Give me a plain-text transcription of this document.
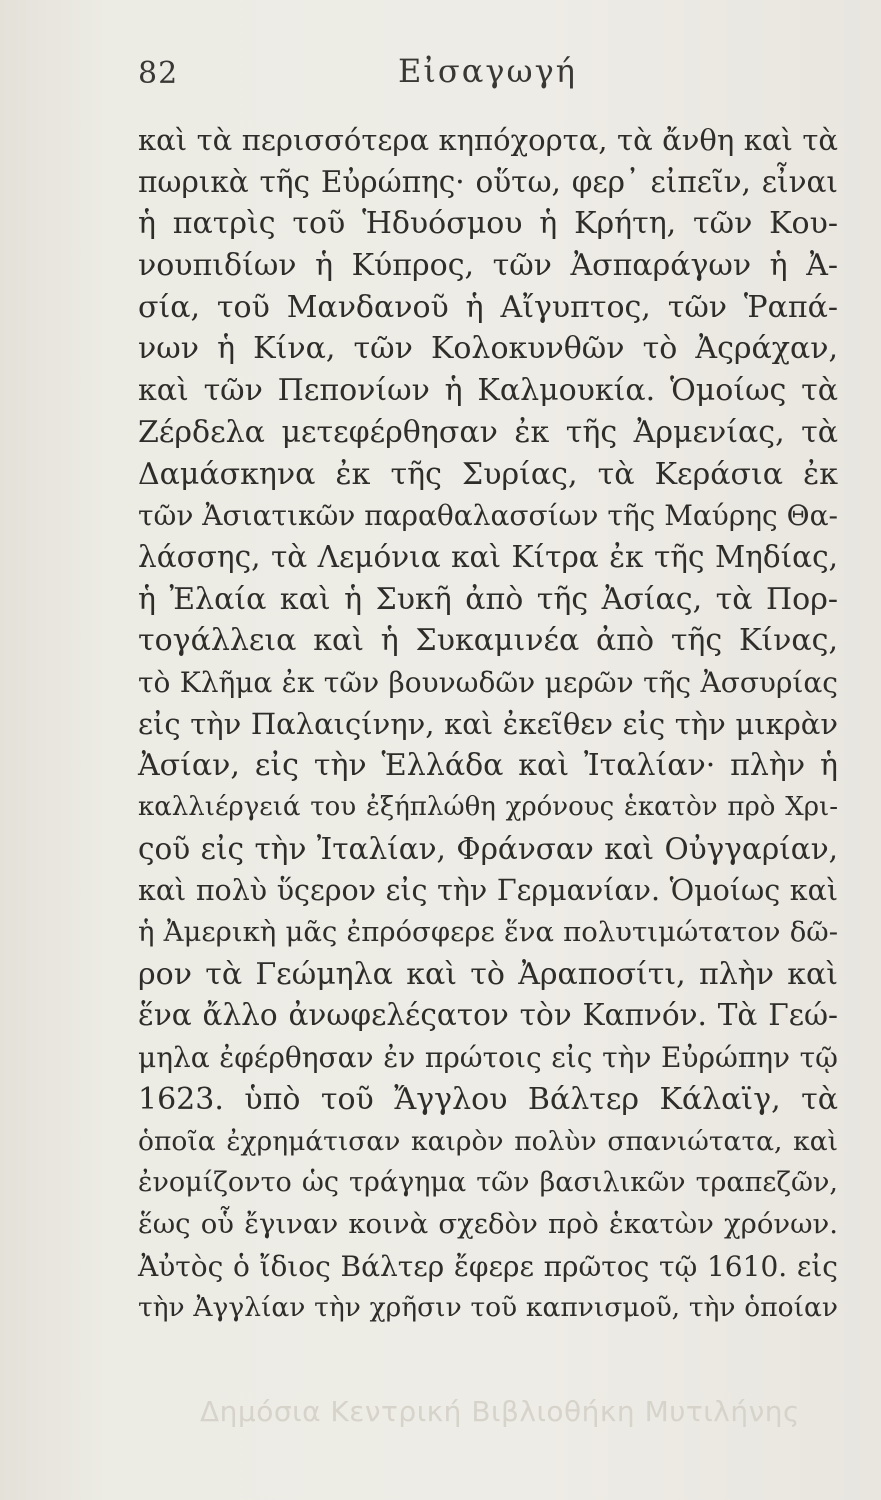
82	Εἰσαγωγή
καὶ τὰ περισσότερα κηπόχορτα, τὰ ἄνθη καὶ τὰ
πωρικὰ τῆς Εὐρώπης· οὕτω, φερ᾽ εἰπεῖν, εἶναι
ἡ πατρὶς τοῦ Ἡδυόσμου ἡ Κρήτη, τῶν Κου-
νουπιδίων ἡ Κύπρος, τῶν Ἀσπαράγων ἡ Ἀ-
σία, τοῦ Μανδανοῦ ἡ Αἴγυπτος, τῶν Ῥαπά-
νων ἡ Κίνα, τῶν Κολοκυνθῶν τὸ Ἀςράχαν,
καὶ τῶν Πεπονίων ἡ Καλμουκία. Ὁμοίως τὰ
Ζέρδελα μετεφέρθησαν ἐκ τῆς Ἀρμενίας, τὰ
Δαμάσκηνα ἐκ τῆς Συρίας, τὰ Κεράσια ἐκ
τῶν Ἀσιατικῶν παραθαλασσίων τῆς Μαύρης Θα-
λάσσης, τὰ Λεμόνια καὶ Κίτρα ἐκ τῆς Μηδίας,
ἡ Ἐλαία καὶ ἡ Συκῆ ἀπὸ τῆς Ἀσίας, τὰ Πορ-
τογάλλεια καὶ ἡ Συκαμινέα ἀπὸ τῆς Κίνας,
τὸ Κλῆμα ἐκ τῶν βουνωδῶν μερῶν τῆς Ἀσσυρίας
εἰς τὴν Παλαιςίνην, καὶ ἐκεῖθεν εἰς τὴν μικρὰν
Ἀσίαν, εἰς τὴν Ἑλλάδα καὶ Ἰταλίαν· πλὴν ἡ
καλλιέργειά του ἐξήπλώθη χρόνους ἑκατὸν πρὸ Χρι-
ςοῦ εἰς τὴν Ἰταλίαν, Φράνσαν καὶ Οὐγγαρίαν,
καὶ πολὺ ὕςερον εἰς τὴν Γερμανίαν. Ὁμοίως καὶ
ἡ Ἀμερικὴ μᾶς ἐπρόσφερε ἕνα πολυτιμώτατον δῶ-
ρον τὰ Γεώμηλα καὶ τὸ Ἀραποσίτι, πλὴν καὶ
ἕνα ἄλλο ἀνωφελέςατον τὸν Καπνόν. Τὰ Γεώ-
μηλα ἐφέρθησαν ἐν πρώτοις εἰς τὴν Εὐρώπην τῷ
1623. ὑπὸ τοῦ Ἄγγλου Βάλτερ Κάλαϊγ, τὰ
ὁποῖα ἐχρημάτισαν καιρὸν πολὺν σπανιώτατα, καὶ
ἐνομίζοντο ὡς τράγημα τῶν βασιλικῶν τραπεζῶν,
ἕως οὗ ἔγιναν κοινὰ σχεδὸν πρὸ ἑκατὼν χρόνων.
Ἀὐτὸς ὁ ἴδιος Βάλτερ ἔφερε πρῶτος τῷ 1610. εἰς
τὴν Ἀγγλίαν τὴν χρῆσιν τοῦ καπνισμοῦ, τὴν ὁποίαν
Δημόσια Κεντρική Βιβλιοθήκη Μυτιλήνης
